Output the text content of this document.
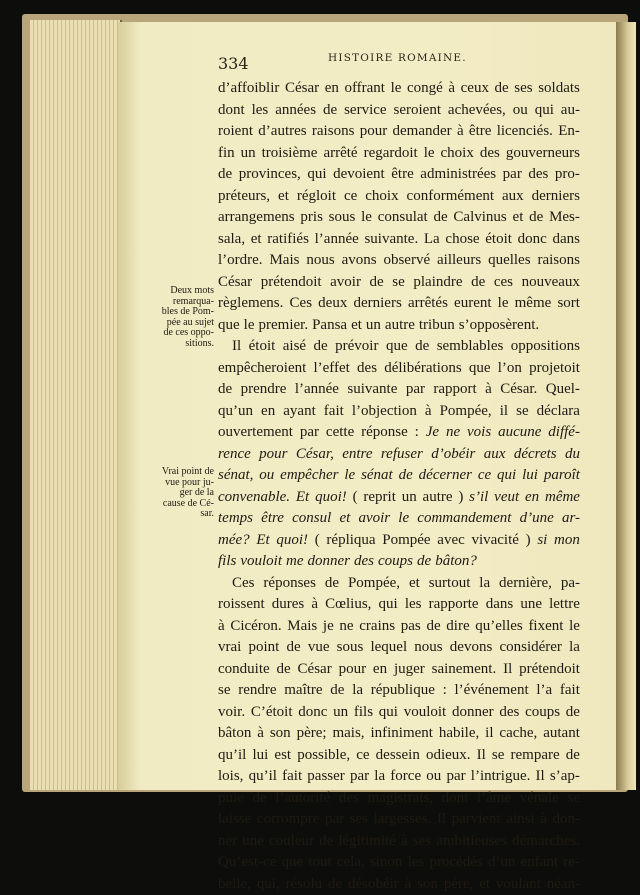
334	HISTOIRE ROMAINE.
Deux mots
remarqua-
bles de Pom-
pée au sujet
de ces oppo-
sitions.
Vrai point de
vue pour ju-
ger de la
cause de Cé-
sar.
d’affoiblir César en offrant le congé à ceux de ses soldats
dont les années de service seroient achevées, ou qui au-
roient d’autres raisons pour demander à être licenciés. En-
fin un troisième arrêté regardoit le choix des gouverneurs
de provinces, qui devoient être administrées par des pro-
préteurs, et régloit ce choix conformément aux derniers
arrangemens pris sous le consulat de Calvinus et de Mes-
sala, et ratifiés l’année suivante. La chose étoit donc dans
l’ordre. Mais nous avons observé ailleurs quelles raisons
César prétendoit avoir de se plaindre de ces nouveaux
règlemens. Ces deux derniers arrêtés eurent le même sort
que le premier. Pansa et un autre tribun s’opposèrent.
Il étoit aisé de prévoir que de semblables oppositions
empêcheroient l’effet des délibérations que l’on projetoit
de prendre l’année suivante par rapport à César. Quel-
qu’un en ayant fait l’objection à Pompée, il se déclara
ouvertement par cette réponse : Je ne vois aucune diffé-
rence pour César, entre refuser d’obéir aux décrets du
sénat, ou empêcher le sénat de décerner ce qui lui paroît
convenable. Et quoi! ( reprit un autre ) s’il veut en même
temps être consul et avoir le commandement d’une ar-
mée? Et quoi! ( répliqua Pompée avec vivacité ) si mon
fils vouloit me donner des coups de bâton?
Ces réponses de Pompée, et surtout la dernière, pa-
roissent dures à Cœlius, qui les rapporte dans une lettre
à Cicéron. Mais je ne crains pas de dire qu’elles fixent le
vrai point de vue sous lequel nous devons considérer la
conduite de César pour en juger sainement. Il prétendoit
se rendre maître de la république : l’événement l’a fait
voir. C’étoit donc un fils qui vouloit donner des coups de
bâton à son père; mais, infiniment habile, il cache, autant
qu’il lui est possible, ce dessein odieux. Il se rempare de
lois, qu’il fait passer par la force ou par l’intrigue. Il s’ap-
puie de l’autorité des magistrats, dont l’âme vénale se
laisse corrompre par ses largesses. Il parvient ainsi à don-
ner une couleur de légitimité à ses ambitieuses démarches.
Qu’est-ce que tout cela, sinon les procédés d’un enfant re-
belle, qui, résolu de désobéir à son père, et voulant néan-
